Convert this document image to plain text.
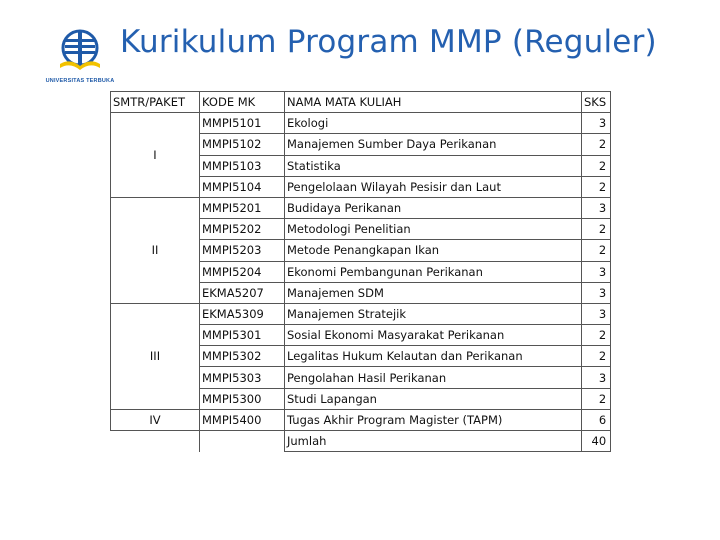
UNIVERSITAS TERBUKA
Kurikulum Program MMP (Reguler)
SMTR/PAKET	KODE MK	NAMA MATA KULIAH	SKS
I	MMPI5101	Ekologi	3
	MMPI5102	Manajemen Sumber Daya Perikanan	2
	MMPI5103	Statistika	2
	MMPI5104	Pengelolaan Wilayah Pesisir dan Laut	2
II	MMPI5201	Budidaya Perikanan	3
	MMPI5202	Metodologi Penelitian	2
	MMPI5203	Metode Penangkapan Ikan	2
	MMPI5204	Ekonomi Pembangunan Perikanan	3
	EKMA5207	Manajemen SDM	3
III	EKMA5309	Manajemen Stratejik	3
	MMPI5301	Sosial Ekonomi Masyarakat Perikanan	2
	MMPI5302	Legalitas Hukum Kelautan dan Perikanan	2
	MMPI5303	Pengolahan Hasil Perikanan	3
	MMPI5300	Studi Lapangan	2
IV	MMPI5400	Tugas Akhir Program Magister (TAPM)	6
		Jumlah	40
